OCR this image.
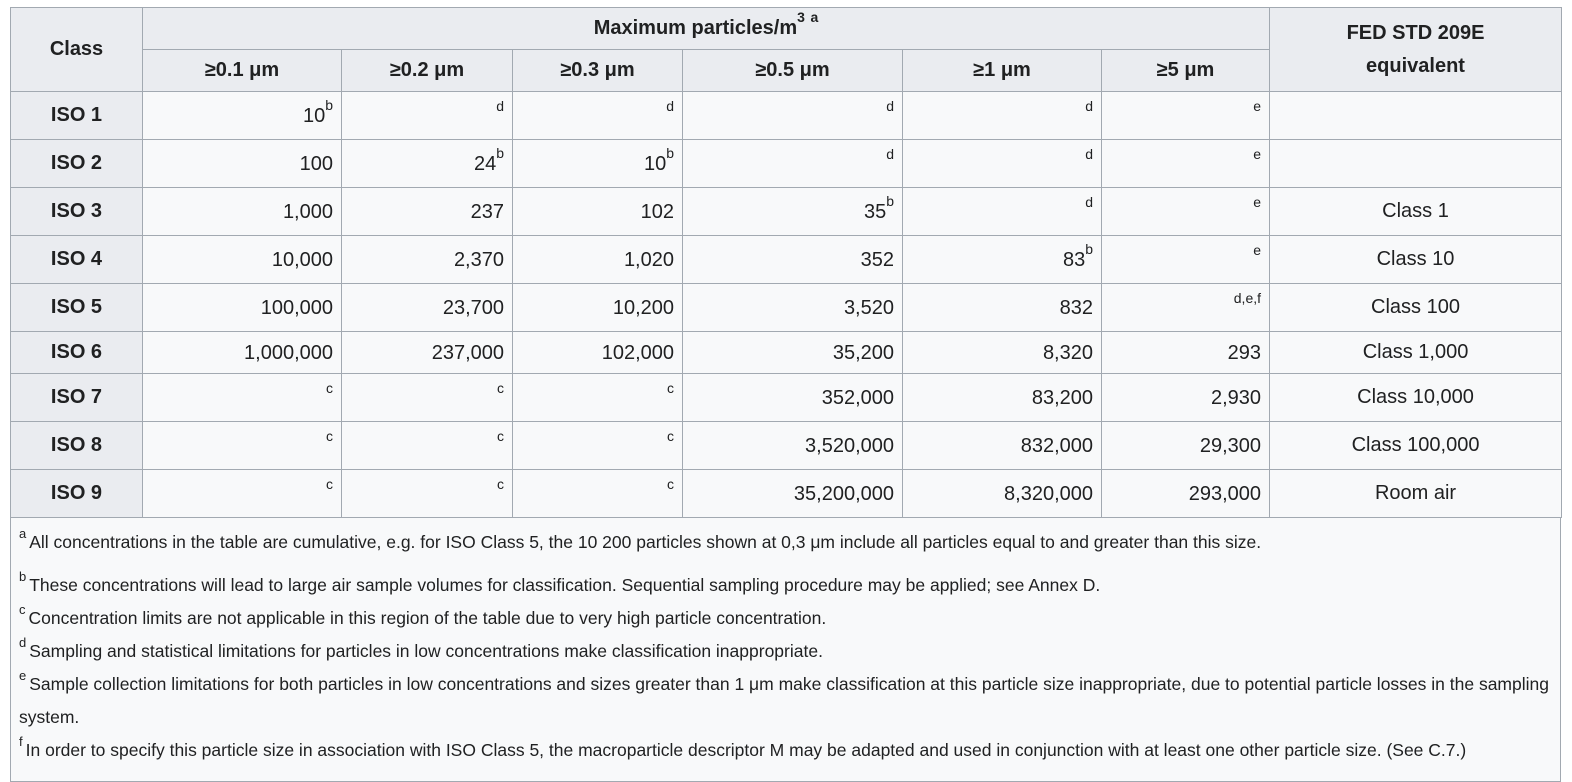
Class	Maximum particles/$m^3$ $^a$						FED STD 209E
equivalent
	≥0.1 μm	≥0.2 μm	≥0.3 μm	≥0.5 μm	≥1 μm	≥5 μm	
ISO 1	10$^b$	d	d	d	d	e	
ISO 2	100	24$^b$	10$^b$	d	d	e	
ISO 3	1,000	237	102	35$^b$	d	e	Class 1
ISO 4	10,000	2,370	1,020	352	83$^b$	e	Class 10
ISO 5	100,000	23,700	10,200	3,520	832	d,e,f	Class 100
ISO 6	1,000,000	237,000	102,000	35,200	8,320	293	Class 1,000
ISO 7	c	c	c	352,000	83,200	2,930	Class 10,000
ISO 8	c	c	c	3,520,000	832,000	29,300	Class 100,000
ISO 9	c	c	c	35,200,000	8,320,000	293,000	Room air

$^a$ All concentrations in the table are cumulative, e.g. for ISO Class 5, the 10 200 particles shown at 0,3 μm include all particles equal to and greater than this size.

$^b$ These concentrations will lead to large air sample volumes for classification. Sequential sampling procedure may be applied; see Annex D.

$^c$ Concentration limits are not applicable in this region of the table due to very high particle concentration.

$^d$ Sampling and statistical limitations for particles in low concentrations make classification inappropriate.

$^e$ Sample collection limitations for both particles in low concentrations and sizes greater than 1 μm make classification at this particle size inappropriate, due to potential particle losses in the sampling system.

$^f$ In order to specify this particle size in association with ISO Class 5, the macroparticle descriptor M may be adapted and used in conjunction with at least one other particle size. (See C.7.)
